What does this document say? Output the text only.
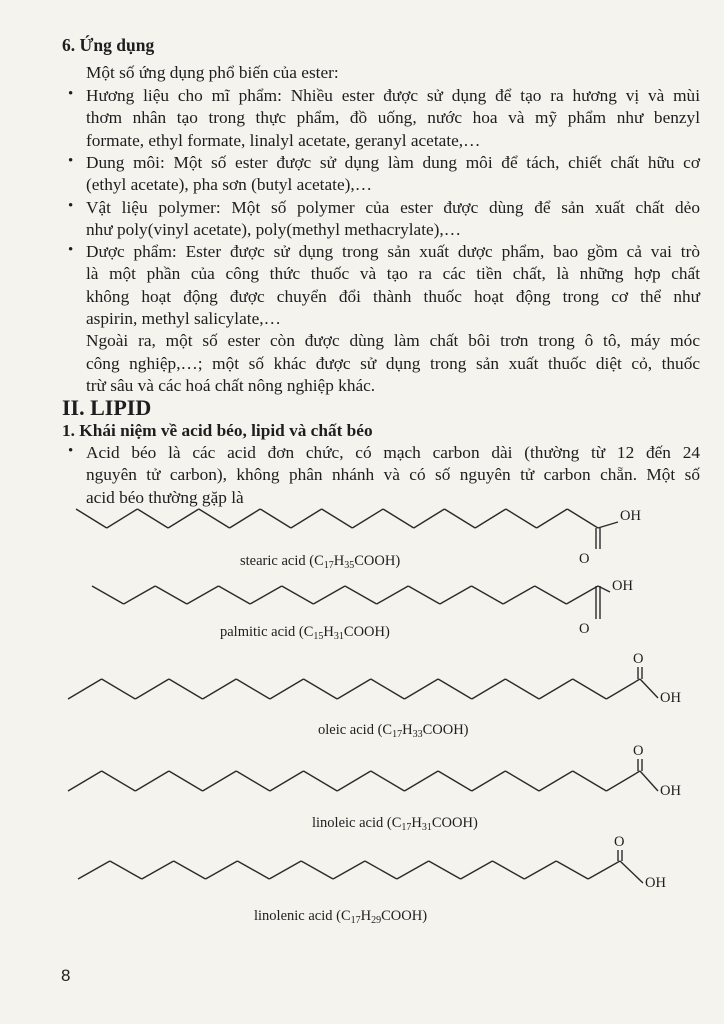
6. Ứng dụng
Một số ứng dụng phổ biến của ester:
• Hương liệu cho mĩ phẩm: Nhiều ester được sử dụng để tạo ra hương vị và mùi
thơm nhân tạo trong thực phẩm, đồ uống, nước hoa và mỹ phẩm như benzyl
formate, ethyl formate, linalyl acetate, geranyl acetate,…
• Dung môi: Một số ester được sử dụng làm dung môi để tách, chiết chất hữu cơ
(ethyl acetate), pha sơn (butyl acetate),…
• Vật liệu polymer: Một số polymer của ester được dùng để sản xuất chất dẻo
như poly(vinyl acetate), poly(methyl methacrylate),…
• Dược phẩm: Ester được sử dụng trong sản xuất dược phẩm, bao gồm cả vai trò
là một phần của công thức thuốc và tạo ra các tiền chất, là những hợp chất
không hoạt động được chuyển đổi thành thuốc hoạt động trong cơ thể như
aspirin, methyl salicylate,…
Ngoài ra, một số ester còn được dùng làm chất bôi trơn trong ô tô, máy móc
công nghiệp,…; một số khác được sử dụng trong sản xuất thuốc diệt cỏ, thuốc
trừ sâu và các hoá chất nông nghiệp khác.
II. LIPID
1. Khái niệm về acid béo, lipid và chất béo
• Acid béo là các acid đơn chức, có mạch carbon dài (thường từ 12 đến 24
nguyên tử carbon), không phân nhánh và có số nguyên tử carbon chẵn. Một số
acid béo thường gặp là
O
OH
stearic acid $(C_{17}H_{35}COOH)$
O
OH
palmitic acid $(C_{15}H_{31}COOH)$
O
OH
oleic acid $(C_{17}H_{33}COOH)$
O
OH
linoleic acid $(C_{17}H_{31}COOH)$
O
OH
linolenic acid $(C_{17}H_{29}COOH)$
8
